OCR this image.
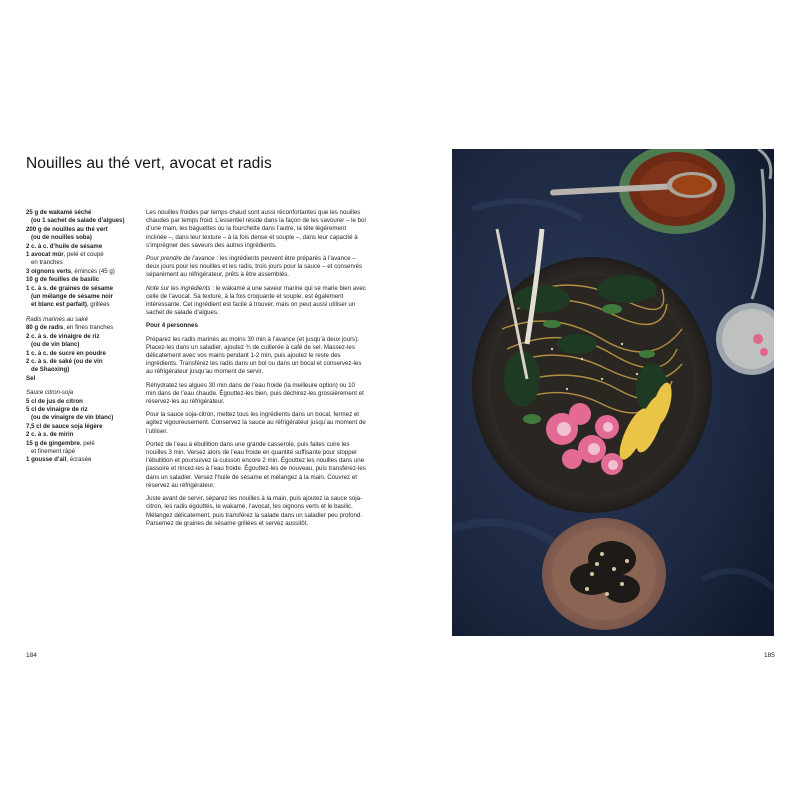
Nouilles au thé vert, avocat et radis
25 g de wakamé séché
(ou 1 sachet de salade d’algues)
200 g de nouilles au thé vert
(ou de nouilles soba)
2 c. à c. d’huile de sésame
1 avocat mûr, pelé et coupé
en tranches
3 oignons verts, émincés (45 g)
10 g de feuilles de basilic
1 c. à s. de graines de sésame
(un mélange de sésame noir
et blanc est parfait), grillées
Radis marinés au saké
80 g de radis, en fines tranches
2 c. à s. de vinaigre de riz
(ou de vin blanc)
1 c. à c. de sucre en poudre
2 c. à s. de saké (ou de vin
de Shaoxing)
Sel
Sauce citron-soja
5 cl de jus de citron
5 cl de vinaigre de riz
(ou de vinaigre de vin blanc)
7,5 cl de sauce soja légère
2 c. à s. de mirin
15 g de gingembre, pelé
et finement râpé
1 gousse d’ail, écrasée

Les nouilles froides par temps chaud sont aussi réconfortantes que les nouilles chaudes par temps froid. L’essentiel réside dans la façon de les savourer – le bol d’une main, les baguettes ou la fourchette dans l’autre, la tête légèrement inclinée –, dans leur texture – à la fois dense et souple –, dans leur capacité à s’imprégner des saveurs des autres ingrédients.

Pour prendre de l’avance : les ingrédients peuvent être préparés à l’avance – deux jours pour les nouilles et les radis, trois jours pour la sauce – et conservés séparément au réfrigérateur, prêts à être assemblés.

Note sur les ingrédients : le wakamé a une saveur marine qui se marie bien avec celle de l’avocat. Sa texture, à la fois croquante et souple, est également intéressante. Cet ingrédient est facile à trouver, mais on peut aussi utiliser un sachet de salade d’algues.

Pour 4 personnes

Préparez les radis marinés au moins 30 min à l’avance (et jusqu’à deux jours). Placez-les dans un saladier, ajoutez ¾ de cuillerée à café de sel. Massez-les délicatement avec vos mains pendant 1-2 min, puis ajoutez le reste des ingrédients. Transférez les radis dans un bol ou dans un bocal et conservez-les au réfrigérateur jusqu’au moment de servir.

Réhydratez les algues 30 min dans de l’eau froide (la meilleure option) ou 10 min dans de l’eau chaude. Égouttez-les bien, puis déchirez-les grossièrement et réservez-les au réfrigérateur.

Pour la sauce soja-citron, mettez tous les ingrédients dans un bocal, fermez et agitez vigoureusement. Conservez la sauce au réfrigérateur jusqu’au moment de l’utiliser.

Portez de l’eau à ébullition dans une grande casserole, puis faites cuire les nouilles 3 min. Versez alors de l’eau froide en quantité suffisante pour stopper l’ébullition et poursuivez la cuisson encore 2 min. Égouttez les nouilles dans une passoire et rincez-les à l’eau froide. Égouttez-les de nouveau, puis transférez-les dans un saladier. Versez l’huile de sésame et mélangez à la main. Couvrez et réservez au réfrigérateur.

Juste avant de servir, séparez les nouilles à la main, puis ajoutez la sauce soja-citron, les radis égouttés, le wakamé, l’avocat, les oignons verts et le basilic. Mélangez délicatement, puis transférez la salade dans un saladier peu profond. Parsemez de graines de sésame grillées et servez aussitôt.

184	185
